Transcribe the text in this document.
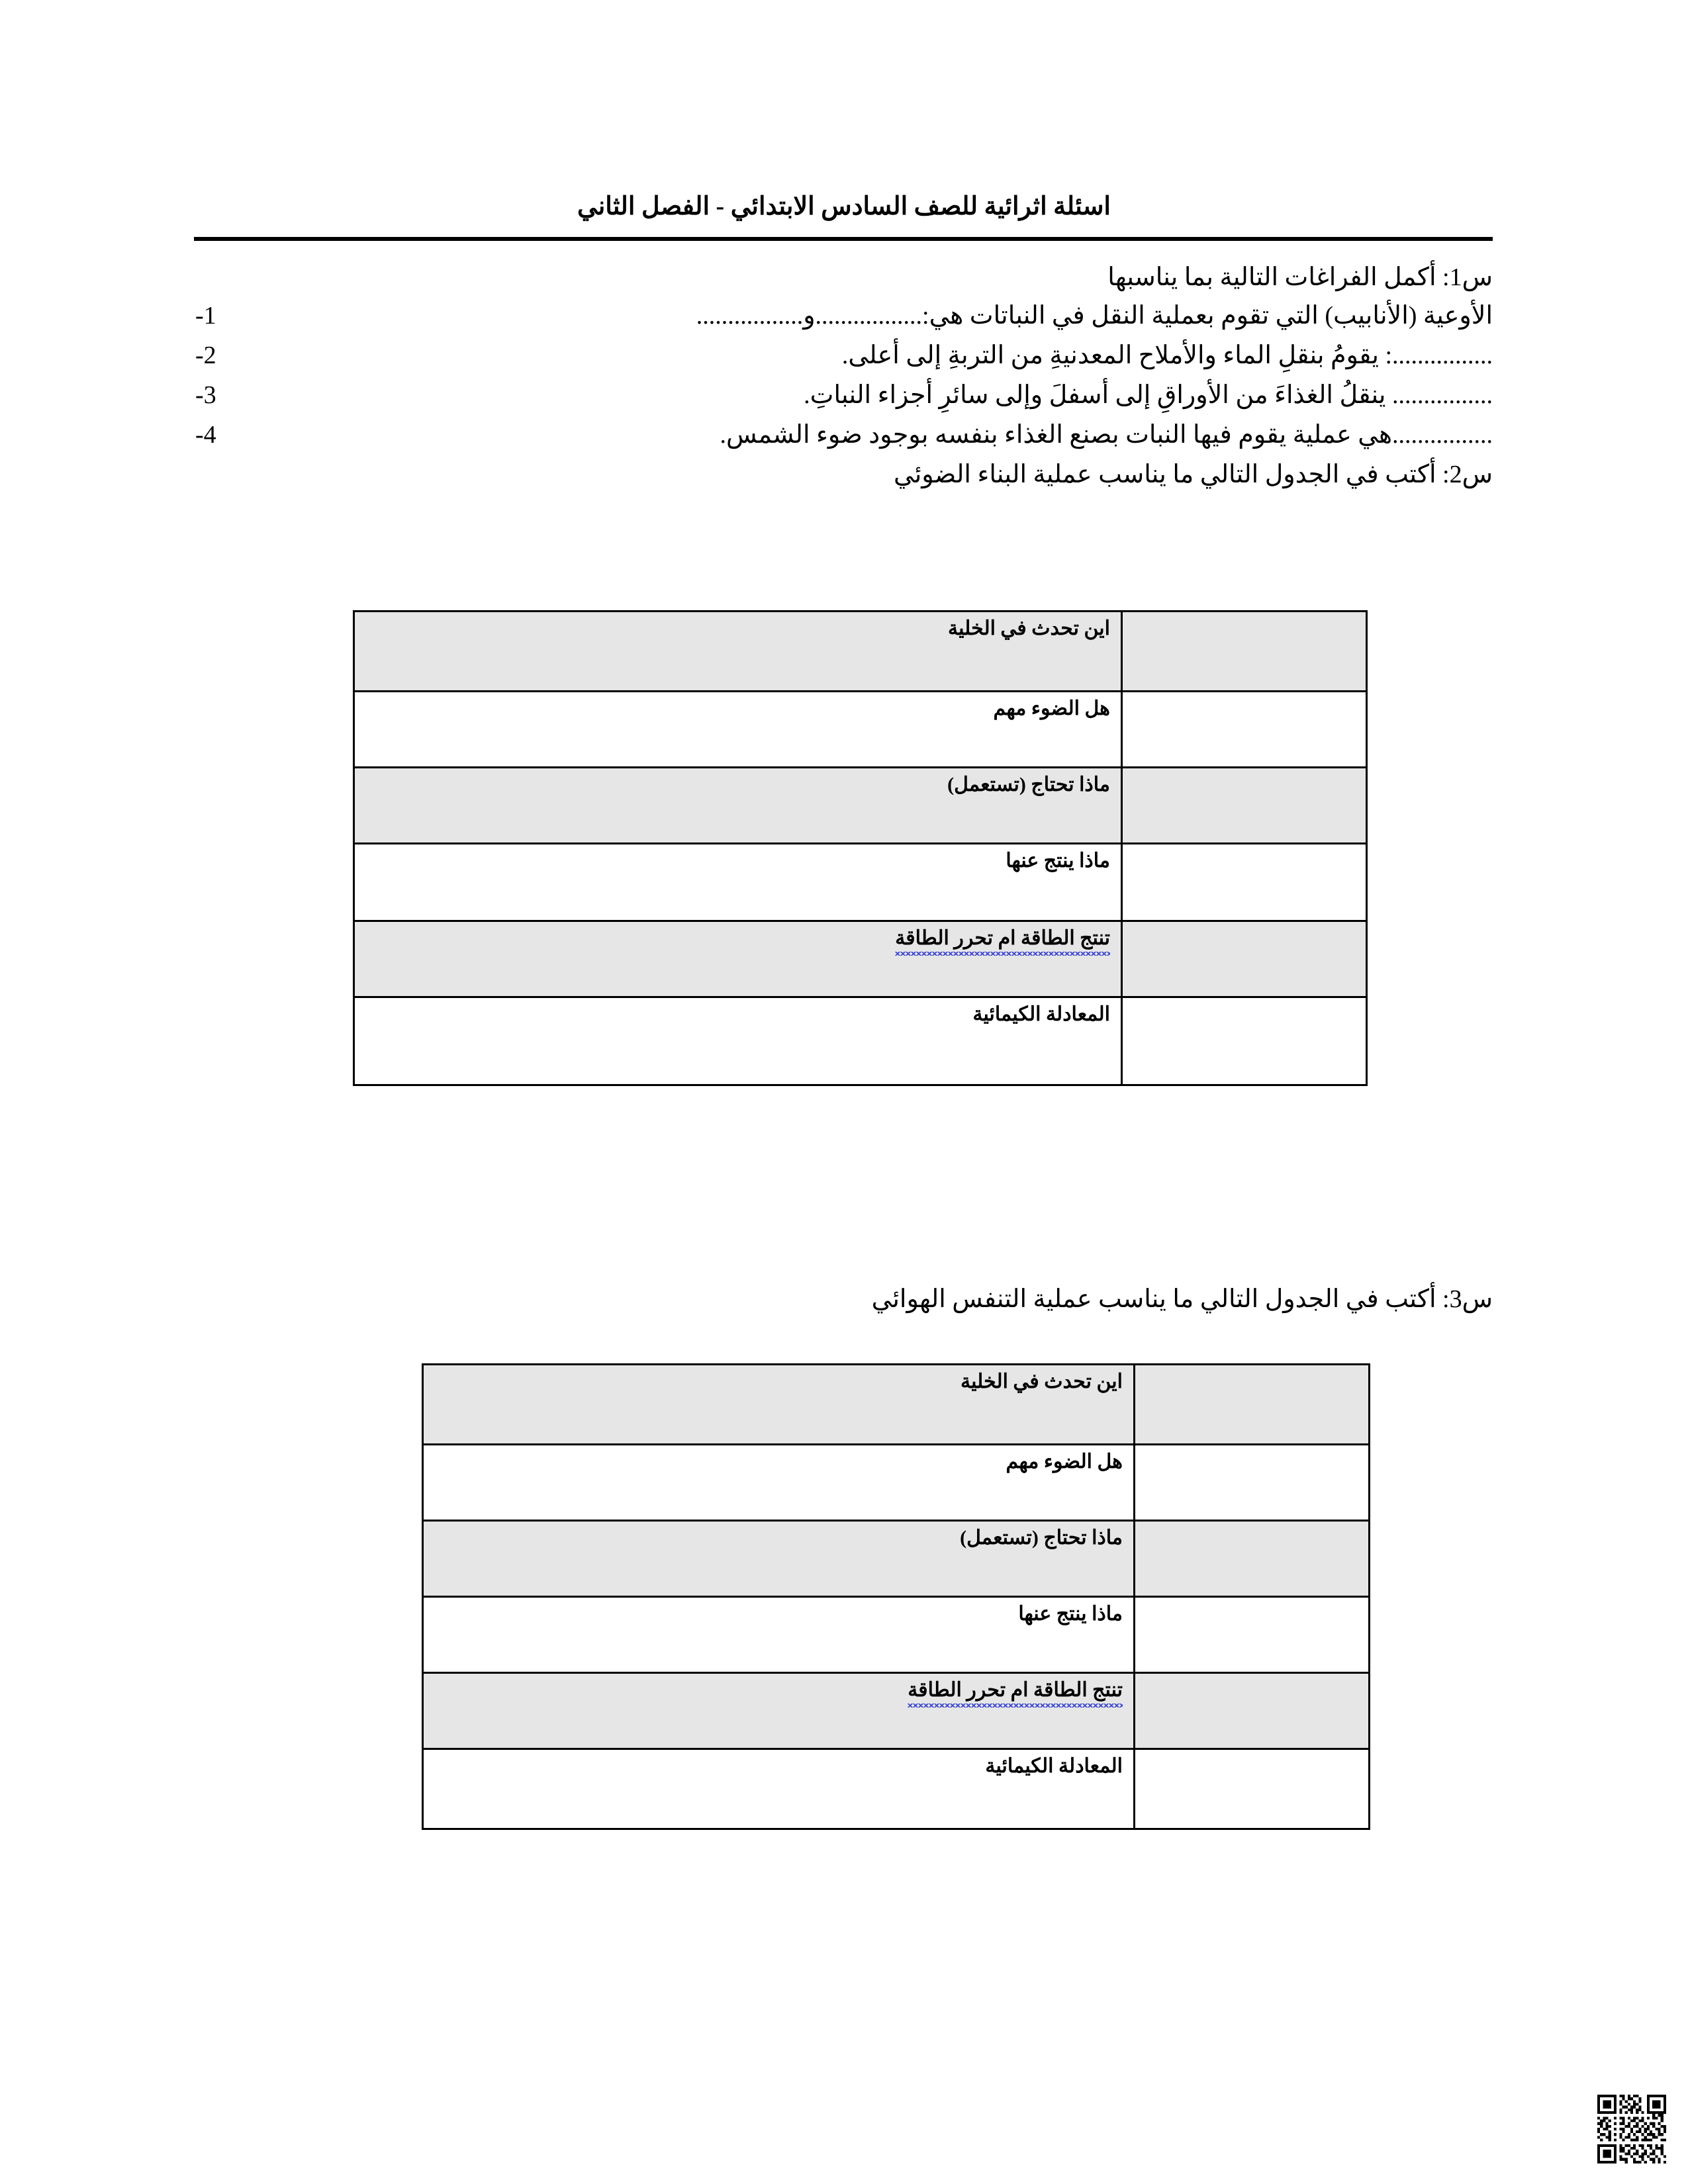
اسئلة اثرائية للصف السادس الابتدائي - الفصل الثاني
س1: أكمل الفراغات التالية بما يناسبها
-1	الأوعية (الأنابيب) التي تقوم بعملية النقل في النباتات هي:.................و.................
-2	................: يقومُ بنقلِ الماء والأملاح المعدنيةِ من التربةِ إلى أعلى.
-3	................ ينقلُ الغذاءَ من الأوراقِ إلى أسفلَ وإلى سائرِ أجزاء النباتِ.
-4	................هي عملية يقوم فيها النبات بصنع الغذاء بنفسه بوجود ضوء الشمس.
س2: أكتب في الجدول التالي ما يناسب عملية البناء الضوئي
س3: أكتب في الجدول التالي ما يناسب عملية التنفس الهوائي
	اين تحدث في الخلية
	هل الضوء مهم
	ماذا تحتاج (تستعمل)
	ماذا ينتج عنها
	تنتج الطاقة ام تحرر الطاقة
	المعادلة الكيمائية
	اين تحدث في الخلية
	هل الضوء مهم
	ماذا تحتاج (تستعمل)
	ماذا ينتج عنها
	تنتج الطاقة ام تحرر الطاقة
	المعادلة الكيمائية
